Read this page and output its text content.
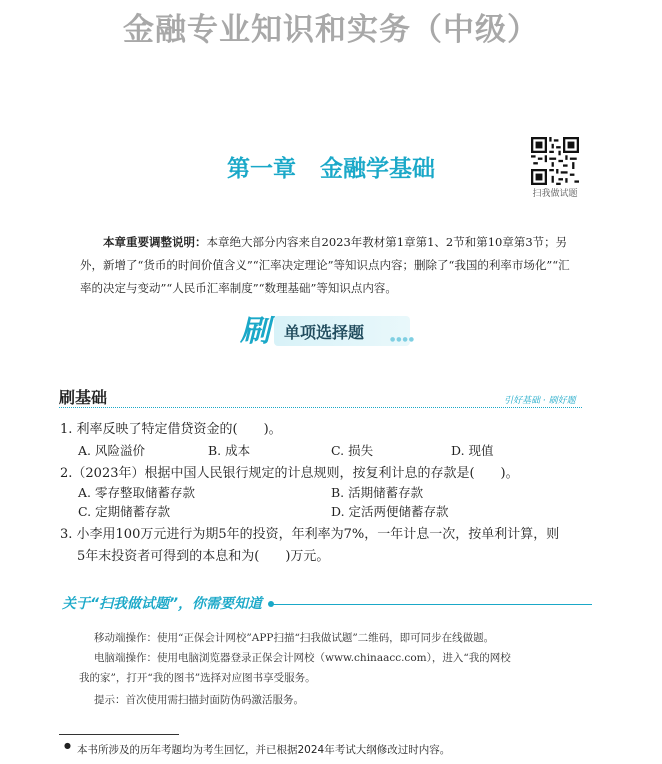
金融专业知识和实务（中级）
第一章 金融学基础
扫我做试题
本章重要调整说明：本章绝大部分内容来自2023年教材第1章第1、2节和第10章第3节；另外，新增了“货币的时间价值含义”“汇率决定理论”等知识点内容；删除了“我国的利率市场化”“汇率的决定与变动”“人民币汇率制度”“数理基础”等知识点内容。
刷 单项选择题	●●●●
刷基础	引好基础 · 刷好题
1. 利率反映了特定借贷资金的(　　)。
A. 风险溢价	B. 成本	C. 损失	D. 现值
2.（2023年）根据中国人民银行规定的计息规则，按复利计息的存款是(　　)。
A. 零存整取储蓄存款	B. 活期储蓄存款
C. 定期储蓄存款	D. 定活两便储蓄存款
3. 小李用100万元进行为期5年的投资，年利率为7%，一年计息一次，按单利计算，则
5年末投资者可得到的本息和为(　　)万元。
关于“扫我做试题”，你需要知道
移动端操作：使用“正保会计网校”APP扫描“扫我做试题”二维码，即可同步在线做题。
电脑端操作：使用电脑浏览器登录正保会计网校（www.chinaacc.com），进入“我的网校
我的家”，打开“我的图书”选择对应图书享受服务。
提示：首次使用需扫描封面防伪码激活服务。
● 本书所涉及的历年考题均为考生回忆，并已根据2024年考试大纲修改过时内容。
